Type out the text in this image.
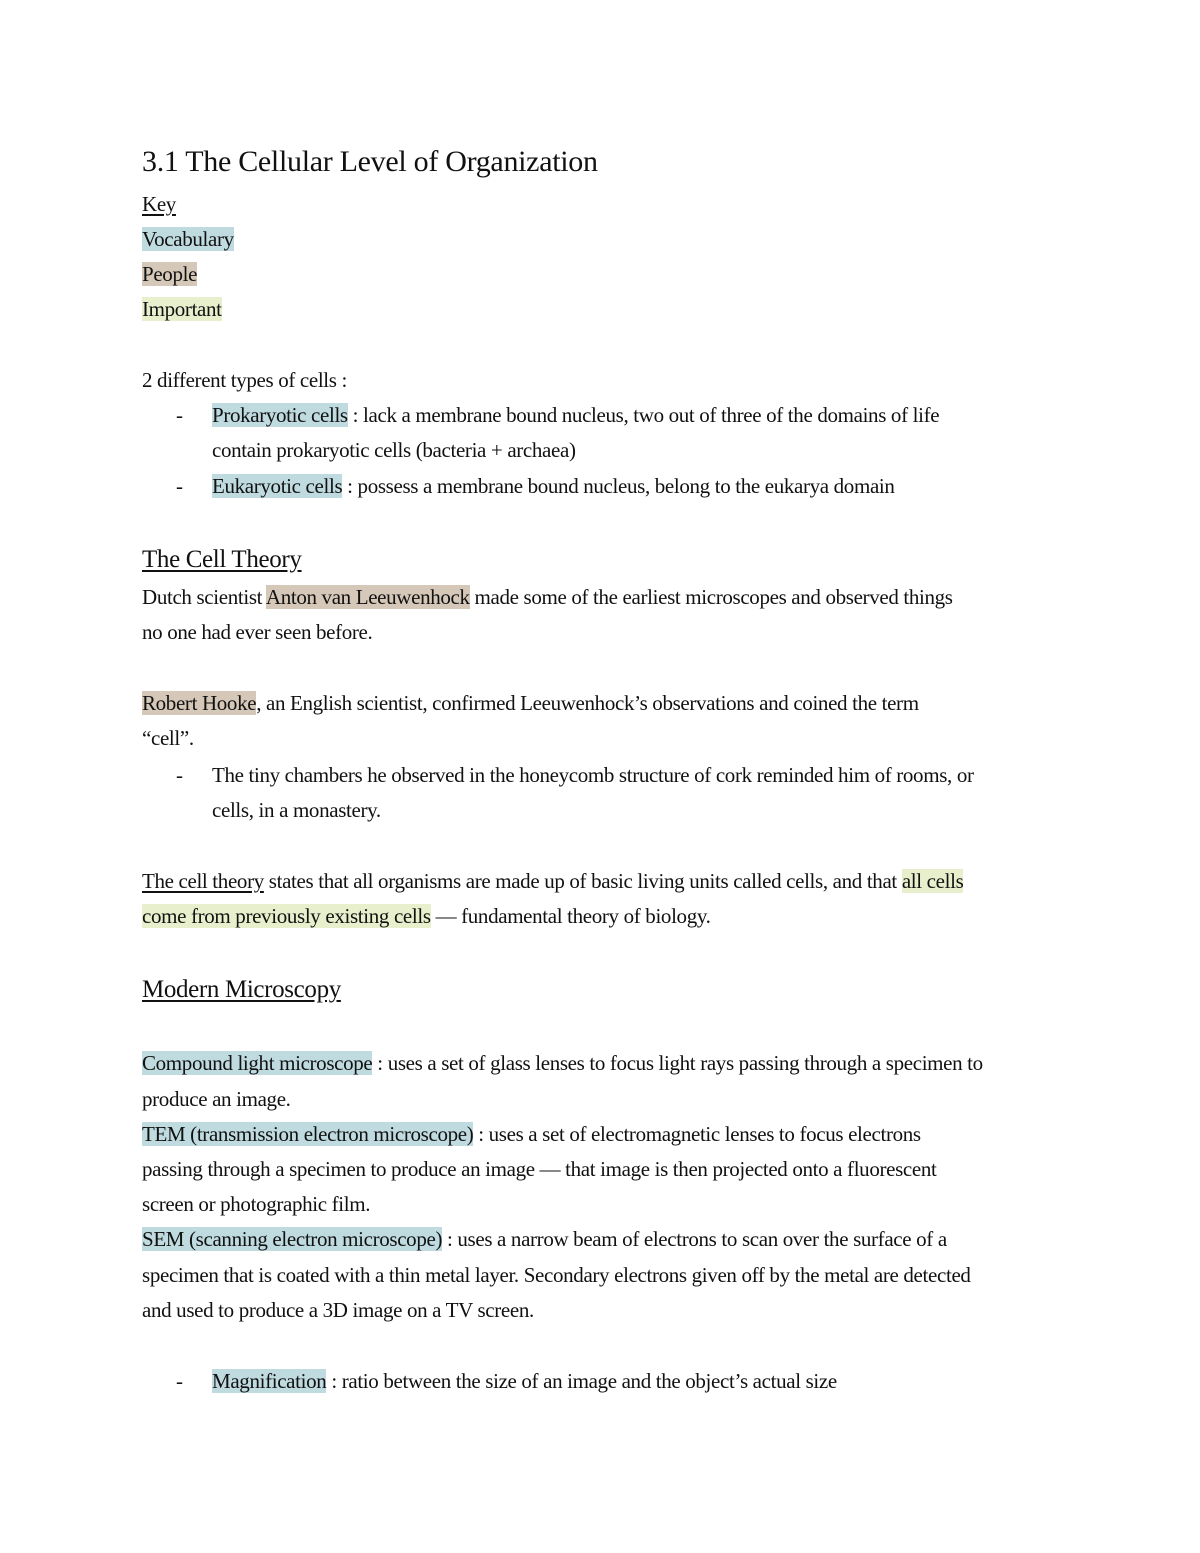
3.1 The Cellular Level of Organization
Key
Vocabulary
People
Important
2 different types of cells :
- Prokaryotic cells : lack a membrane bound nucleus, two out of three of the domains of life
contain prokaryotic cells (bacteria + archaea)
- Eukaryotic cells : possess a membrane bound nucleus, belong to the eukarya domain
The Cell Theory
Dutch scientist Anton van Leeuwenhock made some of the earliest microscopes and observed things
no one had ever seen before.
Robert Hooke, an English scientist, confirmed Leeuwenhock’s observations and coined the term
“cell”.
- The tiny chambers he observed in the honeycomb structure of cork reminded him of rooms, or
cells, in a monastery.
The cell theory states that all organisms are made up of basic living units called cells, and that all cells
come from previously existing cells — fundamental theory of biology.
Modern Microscopy
Compound light microscope : uses a set of glass lenses to focus light rays passing through a specimen to
produce an image.
TEM (transmission electron microscope) : uses a set of electromagnetic lenses to focus electrons
passing through a specimen to produce an image — that image is then projected onto a fluorescent
screen or photographic film.
SEM (scanning electron microscope) : uses a narrow beam of electrons to scan over the surface of a
specimen that is coated with a thin metal layer. Secondary electrons given off by the metal are detected
and used to produce a 3D image on a TV screen.
- Magnification : ratio between the size of an image and the object’s actual size
